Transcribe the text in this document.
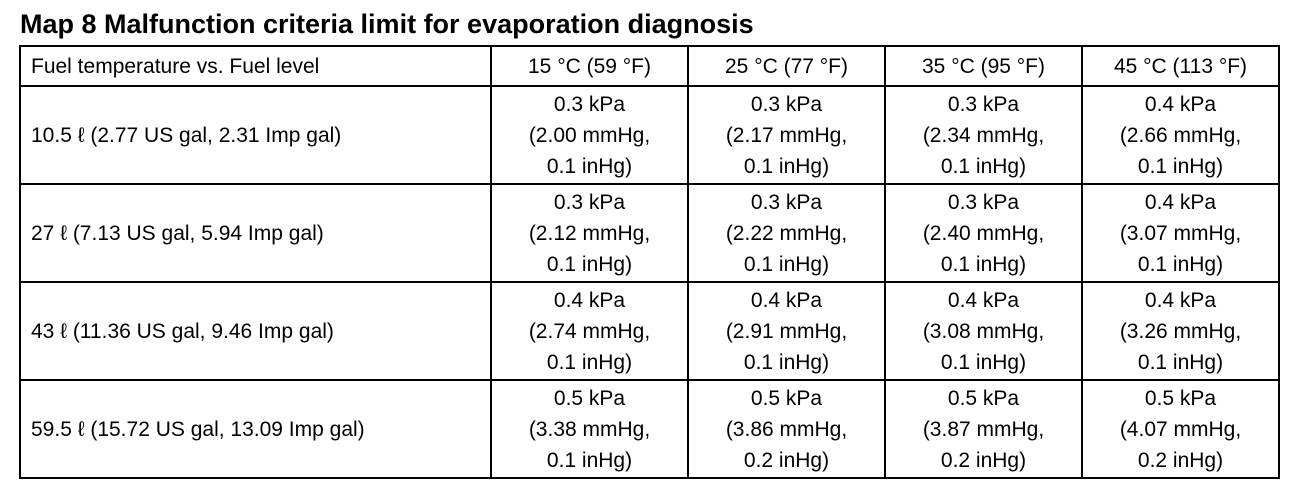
Map 8 Malfunction criteria limit for evaporation diagnosis
Fuel temperature vs. Fuel level	15 °C (59 °F)	25 °C (77 °F)	35 °C (95 °F)	45 °C (113 °F)
10.5 ℓ (2.77 US gal, 2.31 Imp gal)	0.3 kPa
(2.00 mmHg,
0.1 inHg)	0.3 kPa
(2.17 mmHg,
0.1 inHg)	0.3 kPa
(2.34 mmHg,
0.1 inHg)	0.4 kPa
(2.66 mmHg,
0.1 inHg)

27 ℓ (7.13 US gal, 5.94 Imp gal)	0.3 kPa
(2.12 mmHg,
0.1 inHg)	0.3 kPa
(2.22 mmHg,
0.1 inHg)	0.3 kPa
(2.40 mmHg,
0.1 inHg)	0.4 kPa
(3.07 mmHg,
0.1 inHg)

43 ℓ (11.36 US gal, 9.46 Imp gal)	0.4 kPa
(2.74 mmHg,
0.1 inHg)	0.4 kPa
(2.91 mmHg,
0.1 inHg)	0.4 kPa
(3.08 mmHg,
0.1 inHg)	0.4 kPa
(3.26 mmHg,
0.1 inHg)

59.5 ℓ (15.72 US gal, 13.09 Imp gal)	0.5 kPa
(3.38 mmHg,
0.1 inHg)	0.5 kPa
(3.86 mmHg,
0.2 inHg)	0.5 kPa
(3.87 mmHg,
0.2 inHg)	0.5 kPa
(4.07 mmHg,
0.2 inHg)
